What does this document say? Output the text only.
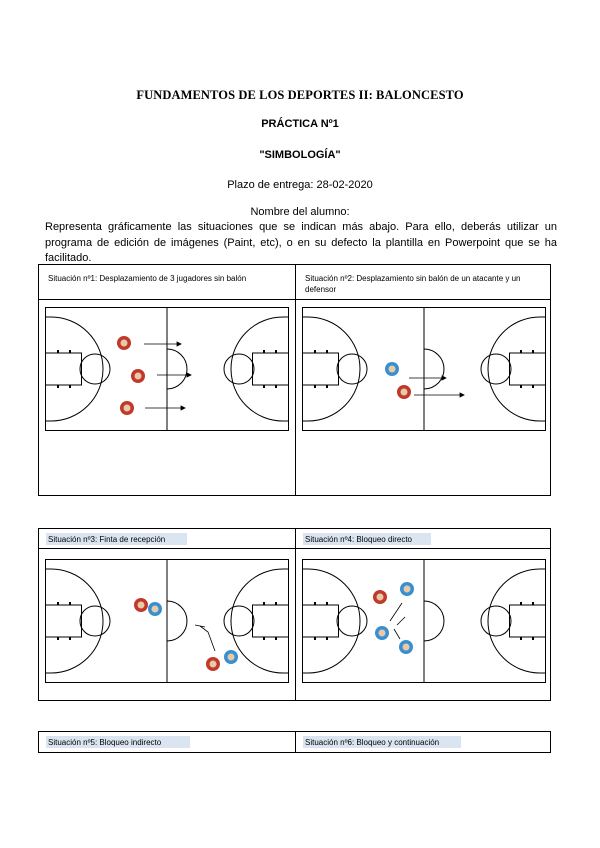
FUNDAMENTOS DE LOS DEPORTES II: BALONCESTO
PRÁCTICA Nº1
"SIMBOLOGÍA"
Plazo de entrega: 28-02-2020
Nombre del alumno:
Representa gráficamente las situaciones que se indican más abajo. Para ello, deberás utilizar un programa de edición de imágenes (Paint, etc), o en su defecto la plantilla en Powerpoint que se ha facilitado.
Situación nº1: Desplazamiento de 3 jugadores sin balón	Situación nº2: Desplazamiento sin balón de un atacante y un defensor
Situación nº3: Finta de recepción	Situación nº4: Bloqueo directo
Situación nº5: Bloqueo indirecto	Situación nº6: Bloqueo y continuación
